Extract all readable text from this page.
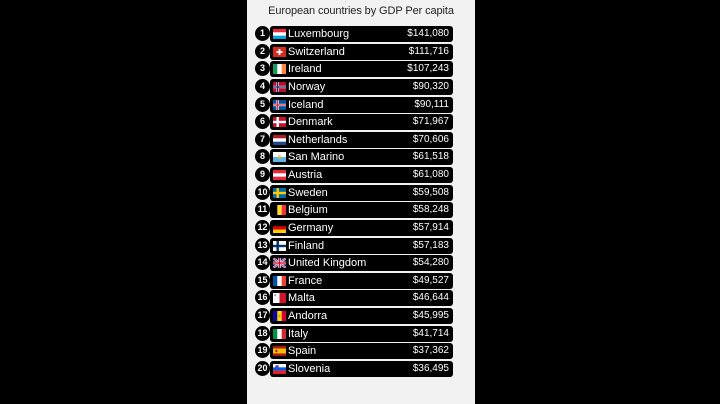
European countries by GDP Per capita
1	Luxembourg	$141,080
2	Switzerland	$111,716
3	Ireland	$107,243
4	Norway	$90,320
5	Iceland	$90,111
6	Denmark	$71,967
7	Netherlands	$70,606
8	San Marino	$61,518
9	Austria	$61,080
10 Sweden	$59,508
11 Belgium	$58,248
12 Germany	$57,914
13 Finland	$57,183
14 United Kingdom	$54,280
15 France	$49,527
16 Malta	$46,644
17 Andorra	$45,995
18 Italy	$41,714
19 Spain	$37,362
20 Slovenia	$36,495
